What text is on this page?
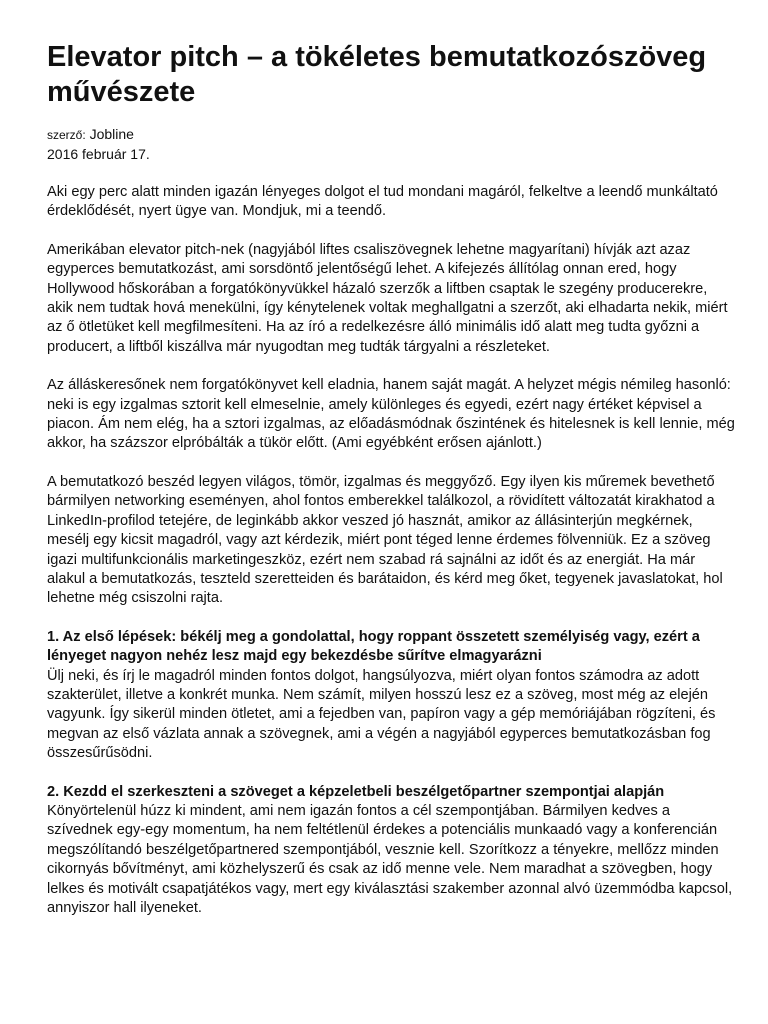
Elevator pitch – a tökéletes bemutatkozószöveg művészete
szerző: Jobline
2016 február 17.

Aki egy perc alatt minden igazán lényeges dolgot el tud mondani magáról, felkeltve a leendő munkáltató érdeklődését, nyert ügye van. Mondjuk, mi a teendő.

Amerikában elevator pitch-nek (nagyjából liftes csaliszövegnek lehetne magyarítani) hívják azt azaz egyperces bemutatkozást, ami sorsdöntő jelentőségű lehet. A kifejezés állítólag onnan ered, hogy Hollywood hőskorában a forgatókönyvükkel házaló szerzők a liftben csaptak le szegény producerekre, akik nem tudtak hová menekülni, így kénytelenek voltak meghallgatni a szerzőt, aki elhadarta nekik, miért az ő ötletüket kell megfilmesíteni. Ha az író a redelkezésre álló minimális idő alatt meg tudta győzni a producert, a liftből kiszállva már nyugodtan meg tudták tárgyalni a részleteket.

Az álláskeresőnek nem forgatókönyvet kell eladnia, hanem saját magát. A helyzet mégis némileg hasonló: neki is egy izgalmas sztorit kell elmeselnie, amely különleges és egyedi, ezért nagy értéket képvisel a piacon. Ám nem elég, ha a sztori izgalmas, az előadásmódnak őszintének és hitelesnek is kell lennie, még akkor, ha százszor elpróbálták a tükör előtt. (Ami egyébként erősen ajánlott.)

A bemutatkozó beszéd legyen világos, tömör, izgalmas és meggyőző. Egy ilyen kis műremek bevethető bármilyen networking eseményen, ahol fontos emberekkel találkozol, a rövidített változatát kirakhatod a LinkedIn-profilod tetejére, de leginkább akkor veszed jó hasznát, amikor az állásinterjún megkérnek, mesélj egy kicsit magadról, vagy azt kérdezik, miért pont téged lenne érdemes fölvenniük. Ez a szöveg igazi multifunkcionális marketingeszköz, ezért nem szabad rá sajnálni az időt és az energiát. Ha már alakul a bemutatkozás, teszteld szeretteiden és barátaidon, és kérd meg őket, tegyenek javaslatokat, hol lehetne még csiszolni rajta.

1. Az első lépések: békélj meg a gondolattal, hogy roppant összetett személyiség vagy, ezért a lényeget nagyon nehéz lesz majd egy bekezdésbe sűrítve elmagyarázni

Ülj neki, és írj le magadról minden fontos dolgot, hangsúlyozva, miért olyan fontos számodra az adott szakterület, illetve a konkrét munka. Nem számít, milyen hosszú lesz ez a szöveg, most még az elején vagyunk. Így sikerül minden ötletet, ami a fejedben van, papíron vagy a gép memóriájában rögzíteni, és megvan az első vázlata annak a szövegnek, ami a végén a nagyjából egyperces bemutatkozásban fog összesűrűsödni.

2. Kezdd el szerkeszteni a szöveget a képzeletbeli beszélgetőpartner szempontjai alapján

Könyörtelenül húzz ki mindent, ami nem igazán fontos a cél szempontjában. Bármilyen kedves a szívednek egy-egy momentum, ha nem feltétlenül érdekes a potenciális munkaadó vagy a konferencián megszólítandó beszélgetőpartnered szempontjából, vesznie kell. Szorítkozz a tényekre, mellőzz minden cikornyás bővítményt, ami közhelyszerű és csak az idő menne vele. Nem maradhat a szövegben, hogy lelkes és motivált csapatjátékos vagy, mert egy kiválasztási szakember azonnal alvó üzemmódba kapcsol, annyiszor hall ilyeneket.
